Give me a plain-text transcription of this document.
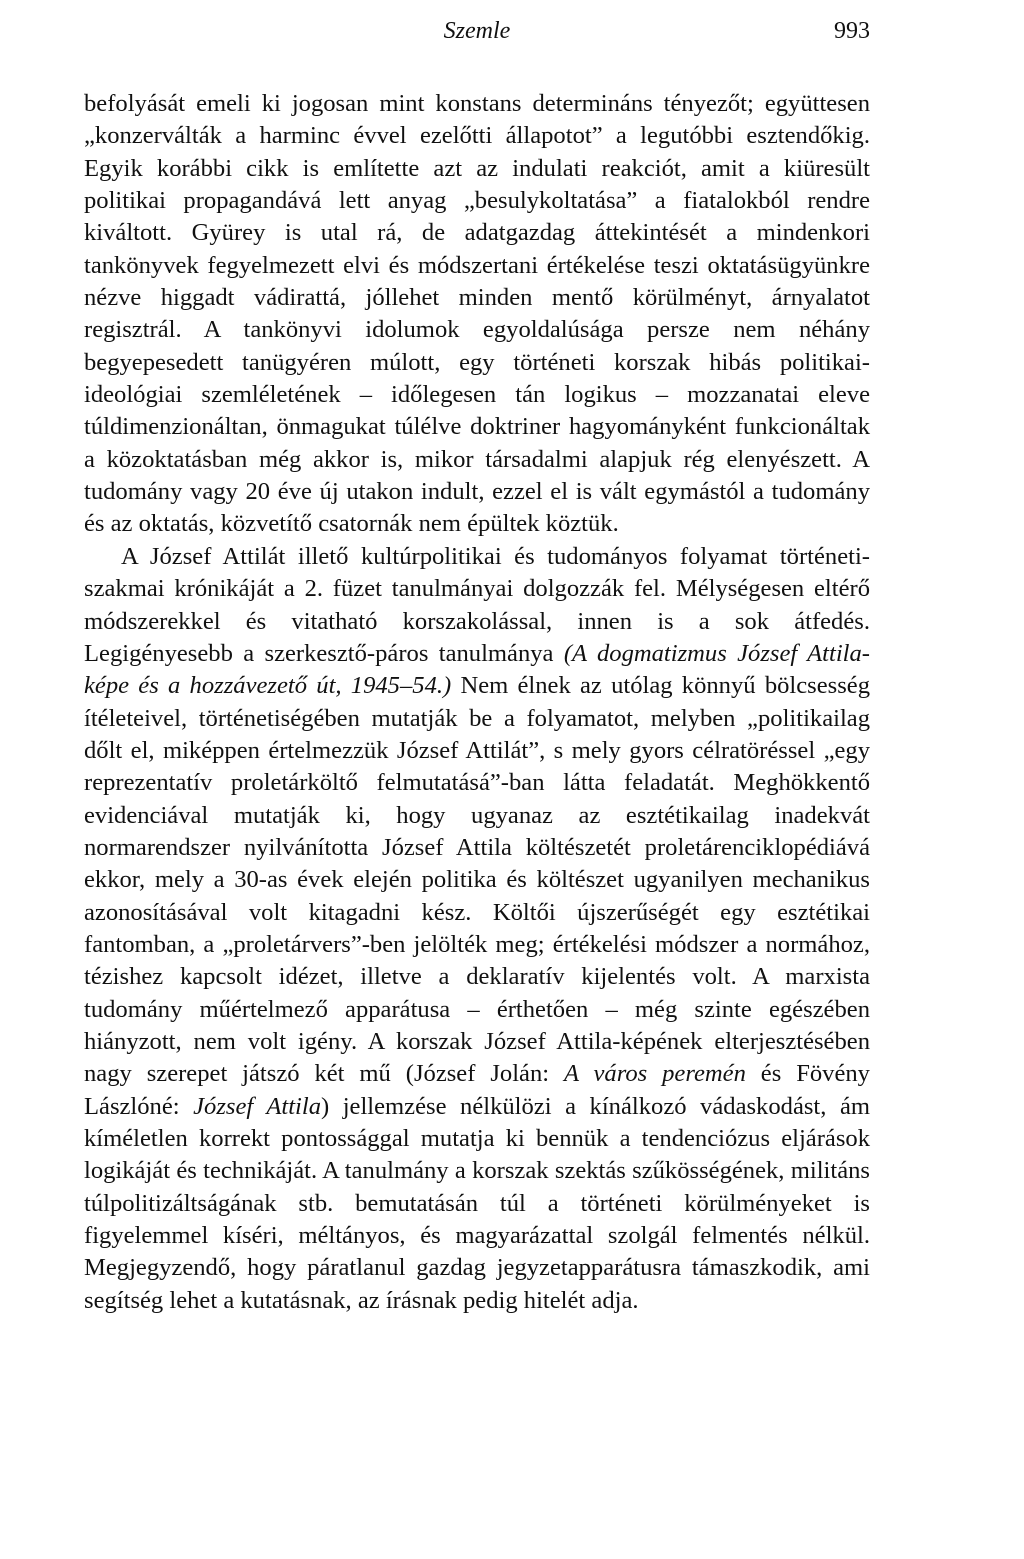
Szemle	993

befolyását emeli ki jogosan mint konstans determináns tényezőt; együttesen „konzerválták a harminc évvel ezelőtti állapotot” a legutóbbi esztendőkig. Egyik korábbi cikk is említette azt az indulati reakciót, amit a kiüresült politikai propagandává lett anyag „besulykoltatása” a fiatalokból rendre kiváltott. Gyürey is utal rá, de adatgazdag áttekintését a mindenkori tankönyvek fegyelmezett elvi és módszertani értékelése teszi oktatásügyünkre nézve higgadt vádirattá, jóllehet minden mentő körülményt, árnyalatot regisztrál. A tankönyvi idolumok egyoldalúsága persze nem néhány begyepesedett tanügyéren múlott, egy történeti korszak hibás politikai-ideológiai szemléletének – időlegesen tán logikus – mozzanatai eleve túldimenzionáltan, önmagukat túlélve doktriner hagyományként funkcionáltak a közoktatásban még akkor is, mikor társadalmi alapjuk rég elenyészett. A tudomány vagy 20 éve új utakon indult, ezzel el is vált egymástól a tudomány és az oktatás, közvetítő csatornák nem épültek köztük.

A József Attilát illető kultúrpolitikai és tudományos folyamat történeti-szakmai krónikáját a 2. füzet tanulmányai dolgozzák fel. Mélységesen eltérő módszerekkel és vitatható korszakolással, innen is a sok átfedés. Legigényesebb a szerkesztő-páros tanulmánya (A dogmatizmus József Attila-képe és a hozzávezető út, 1945–54.) Nem élnek az utólag könnyű bölcsesség ítéleteivel, történetiségében mutatják be a folyamatot, melyben „politikailag dőlt el, miképpen értelmezzük József Attilát”, s mely gyors célratöréssel „egy reprezentatív proletárköltő felmutatásá”-ban látta feladatát. Meghökkentő evidenciával mutatják ki, hogy ugyanaz az esztétikailag inadekvát normarendszer nyilvánította József Attila költészetét proletárenciklopédiává ekkor, mely a 30-as évek elején politika és költészet ugyanilyen mechanikus azonosításával volt kitagadni kész. Költői újszerűségét egy esztétikai fantomban, a „proletárvers”-ben jelölték meg; értékelési módszer a normához, tézishez kapcsolt idézet, illetve a deklaratív kijelentés volt. A marxista tudomány műértelmező apparátusa – érthetően – még szinte egészében hiányzott, nem volt igény. A korszak József Attila-képének elterjesztésében nagy szerepet játszó két mű (József Jolán: A város peremén és Fövény Lászlóné: József Attila) jellemzése nélkülözi a kínálkozó vádaskodást, ám kíméletlen korrekt pontossággal mutatja ki bennük a tendenciózus eljárások logikáját és technikáját. A tanulmány a korszak szektás szűkösségének, militáns túlpolitizáltságának stb. bemutatásán túl a történeti körülményeket is figyelemmel kíséri, méltányos, és magyarázattal szolgál felmentés nélkül. Megjegyzendő, hogy páratlanul gazdag jegyzetapparátusra támaszkodik, ami segítség lehet a kutatásnak, az írásnak pedig hitelét adja.
